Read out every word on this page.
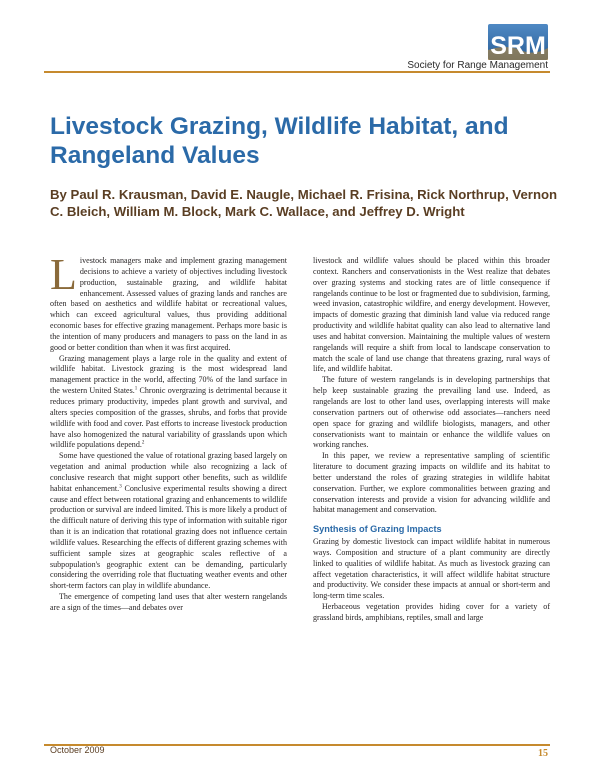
SRM
Society for Range Management
Livestock Grazing, Wildlife Habitat, and Rangeland Values
By Paul R. Krausman, David E. Naugle, Michael R. Frisina, Rick Northrup, Vernon C. Bleich, William M. Block, Mark C. Wallace, and Jeffrey D. Wright

Livestock managers make and implement grazing management decisions to achieve a variety of objectives including livestock production, sustainable grazing, and wildlife habitat enhancement. Assessed values of grazing lands and ranches are often based on aesthetics and wildlife habitat or recreational values, which can exceed agricultural values, thus providing additional economic bases for effective grazing management. Perhaps more basic is the intention of many producers and managers to pass on the land in as good or better condition than when it was first acquired.

Grazing management plays a large role in the quality and extent of wildlife habitat. Livestock grazing is the most widespread land management practice in the world, affecting 70% of the land surface in the western United States.$^1$ Chronic overgrazing is detrimental because it reduces primary productivity, impedes plant growth and survival, and alters species composition of the grasses, shrubs, and forbs that provide wildlife with food and cover. Past efforts to increase livestock production have also homogenized the natural variability of grasslands upon which wildlife populations depend.$^2$

Some have questioned the value of rotational grazing based largely on vegetation and animal production while also recognizing a lack of conclusive research that might support other benefits, such as wildlife habitat enhancement.$^3$ Conclusive experimental results showing a direct cause and effect between rotational grazing and enhancements to wildlife production or survival are indeed limited. This is more likely a product of the difficult nature of deriving this type of information with suitable rigor than it is an indication that rotational grazing does not influence certain wildlife values. Researching the effects of different grazing schemes with sufficient sample sizes at geographic scales reflective of a subpopulation's geographic extent can be demanding, particularly considering the overriding role that fluctuating weather events and other short-term factors can play in wildlife abundance.

The emergence of competing land uses that alter western rangelands are a sign of the times—and debates over

livestock and wildlife values should be placed within this broader context. Ranchers and conservationists in the West realize that debates over grazing systems and stocking rates are of little consequence if rangelands continue to be lost or fragmented due to subdivision, farming, weed invasion, catastrophic wildfire, and energy development. However, impacts of domestic grazing that diminish land value via reduced range productivity and wildlife habitat quality can also lead to alternative land uses and habitat conversion. Maintaining the multiple values of western rangelands will require a shift from local to landscape conservation to match the scale of land use change that threatens grazing, rural ways of life, and wildlife habitat.

The future of western rangelands is in developing partnerships that help keep sustainable grazing the prevailing land use. Indeed, as rangelands are lost to other land uses, overlapping interests will make conservation partners out of otherwise odd associates—ranchers need open space for grazing and wildlife biologists, managers, and other conservationists want to maintain or enhance the wildlife values on working ranches.

In this paper, we review a representative sampling of scientific literature to document grazing impacts on wildlife and its habitat to better understand the roles of grazing strategies in wildlife habitat conservation. Further, we explore commonalities between grazing and conservation interests and provide a vision for advancing wildlife and habitat management and conservation.

Synthesis of Grazing Impacts

Grazing by domestic livestock can impact wildlife habitat in numerous ways. Composition and structure of a plant community are directly linked to qualities of wildlife habitat. As much as livestock grazing can affect vegetation characteristics, it will affect wildlife habitat structure and productivity. We consider these impacts at annual or short-term and long-term time scales.

Herbaceous vegetation provides hiding cover for a variety of grassland birds, amphibians, reptiles, small and large

October 2009	15
